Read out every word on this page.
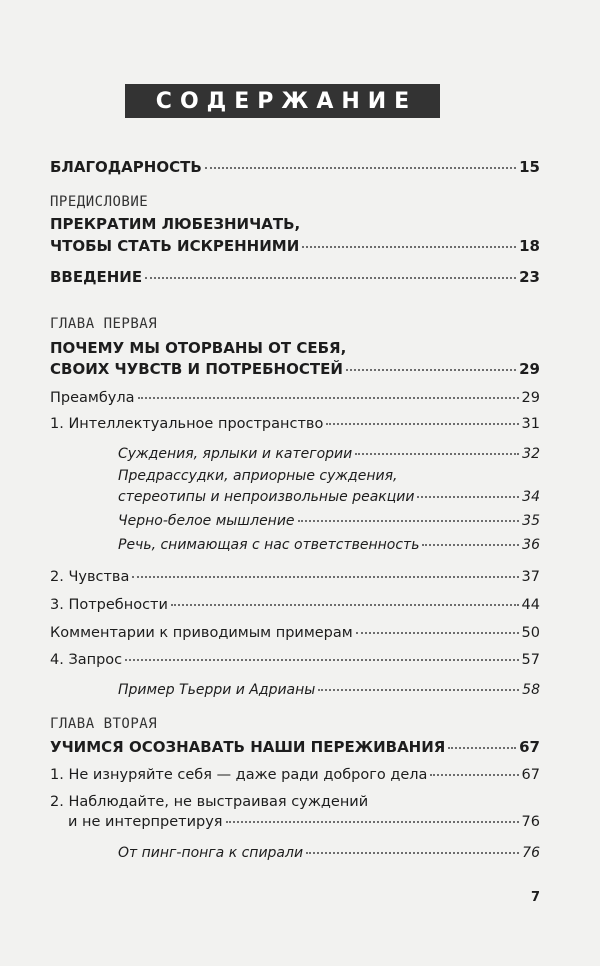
СОДЕРЖАНИЕ
БЛАГОДАРНОСТЬ	15
ПРЕДИСЛОВИЕ
ПРЕКРАТИМ ЛЮБЕЗНИЧАТЬ,
ЧТОБЫ СТАТЬ ИСКРЕННИМИ	18
ВВЕДЕНИЕ	23
ГЛАВА ПЕРВАЯ
ПОЧЕМУ МЫ ОТОРВАНЫ ОТ СЕБЯ,
СВОИХ ЧУВСТВ И ПОТРЕБНОСТЕЙ	29
Преамбула	29
1. Интеллектуальное пространство	31
Суждения, ярлыки и категории	32
Предрассудки, априорные суждения,
стереотипы и непроизвольные реакции	34
Черно-белое мышление	35
Речь, снимающая с нас ответственность	36
2. Чувства	37
3. Потребности	44
Комментарии к приводимым примерам	50
4. Запрос	57
Пример Тьерри и Адрианы	58
ГЛАВА ВТОРАЯ
УЧИМСЯ ОСОЗНАВАТЬ НАШИ ПЕРЕЖИВАНИЯ	67
1. Не изнуряйте себя — даже ради доброго дела	67
2. Наблюдайте, не выстраивая суждений
и не интерпретируя	76
От пинг-понга к спирали	76
7
